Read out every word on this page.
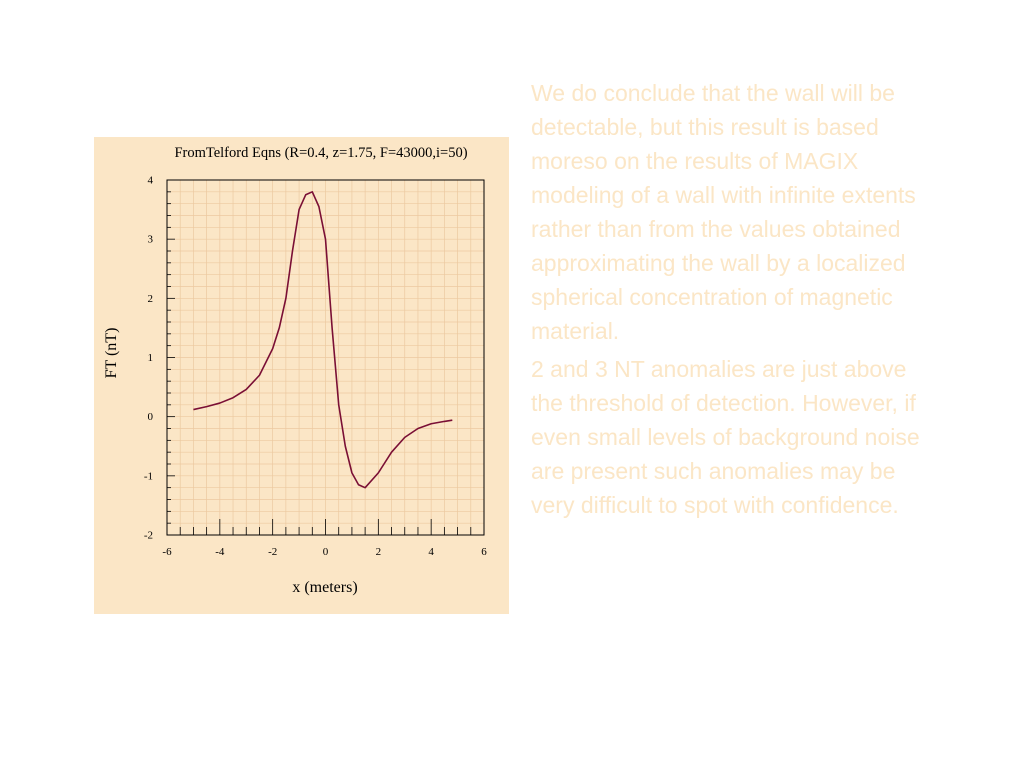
-2
-1
0
1
2
3
4
-6	-4	-2	0	2	4	6
FromTelford Eqns (R=0.4, z=1.75, F=43000,i=50)
x (meters)
FT (nT)

We do conclude that the wall will be detectable, but this result is based moreso on the results of MAGIX modeling of a wall with infinite extents rather than from the values obtained approximating the wall by a localized spherical concentration of magnetic material.

2 and 3 NT anomalies are just above the threshold of detection. However, if even small levels of background noise are present such anomalies may be very difficult to spot with confidence.
